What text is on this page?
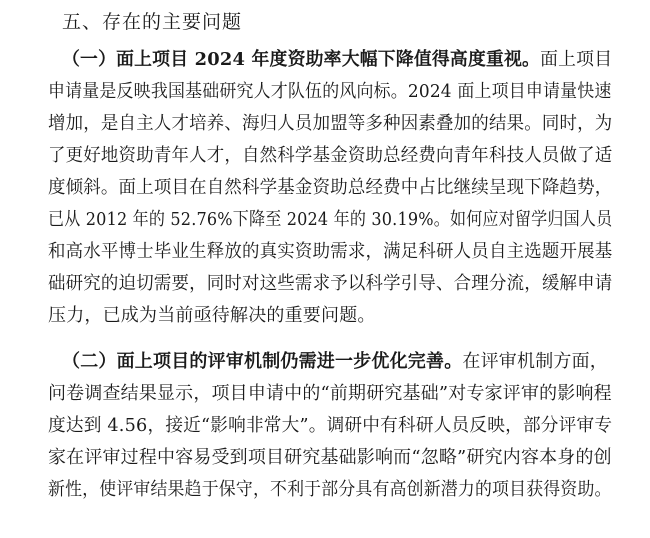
五、存在的主要问题
（一）面上项目 2024 年度资助率大幅下降值得高度重视。面上项目
申请量是反映我国基础研究人才队伍的风向标。2024 面上项目申请量快速
增加，是自主人才培养、海归人员加盟等多种因素叠加的结果。同时，为
了更好地资助青年人才，自然科学基金资助总经费向青年科技人员做了适
度倾斜。面上项目在自然科学基金资助总经费中占比继续呈现下降趋势，
已从 2012 年的 52.76%下降至 2024 年的 30.19%。如何应对留学归国人员
和高水平博士毕业生释放的真实资助需求，满足科研人员自主选题开展基
础研究的迫切需要，同时对这些需求予以科学引导、合理分流，缓解申请
压力，已成为当前亟待解决的重要问题。
（二）面上项目的评审机制仍需进一步优化完善。在评审机制方面，
问卷调查结果显示，项目申请中的“前期研究基础”对专家评审的影响程
度达到 4.56，接近“影响非常大”。调研中有科研人员反映，部分评审专
家在评审过程中容易受到项目研究基础影响而“忽略”研究内容本身的创
新性，使评审结果趋于保守，不利于部分具有高创新潜力的项目获得资助。
